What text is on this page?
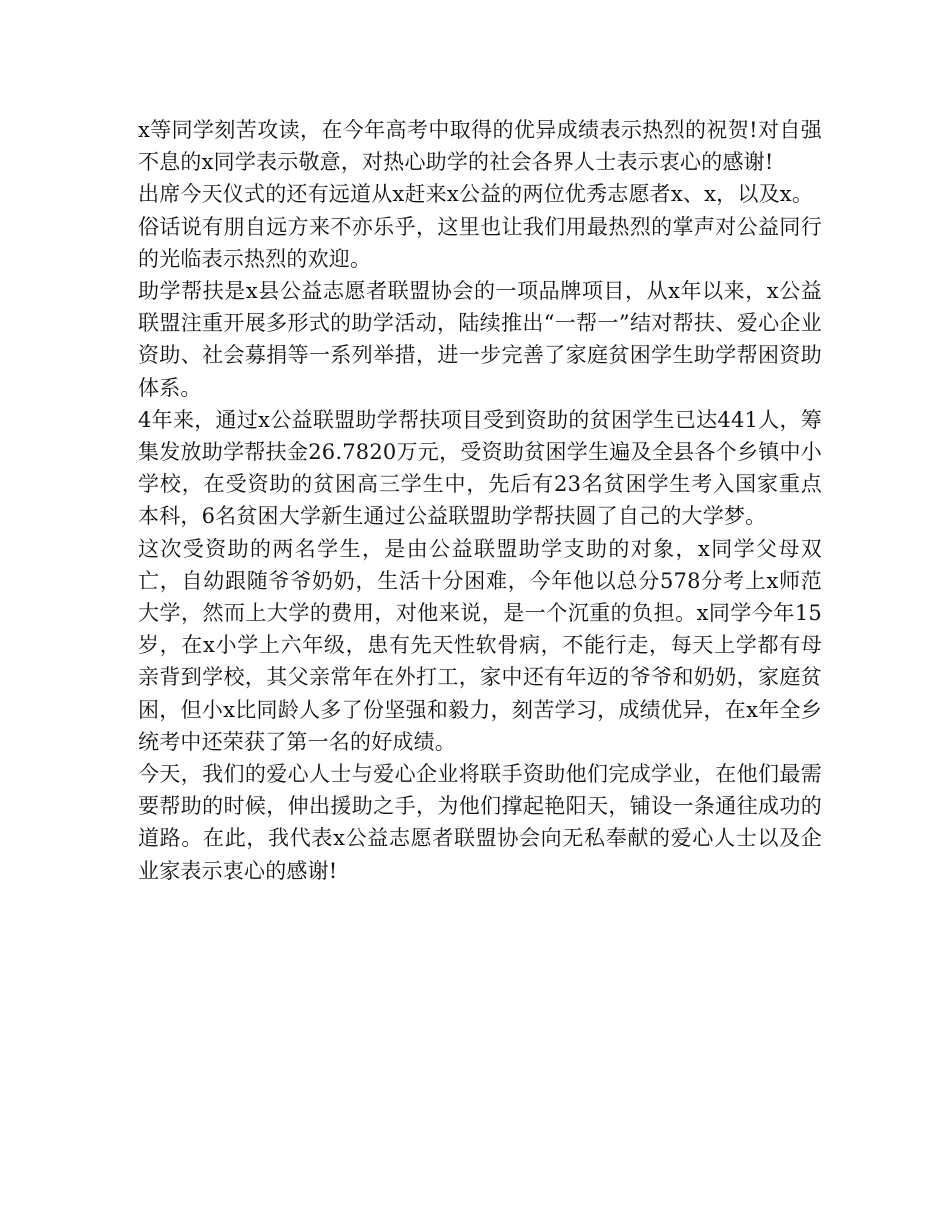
x等同学刻苦攻读，在今年高考中取得的优异成绩表示热烈的祝贺!对自强不息的x同学表示敬意，对热心助学的社会各界人士表示衷心的感谢!

出席今天仪式的还有远道从x赶来x公益的两位优秀志愿者x、x，以及x。

俗话说有朋自远方来不亦乐乎，这里也让我们用最热烈的掌声对公益同行的光临表示热烈的欢迎。

助学帮扶是x县公益志愿者联盟协会的一项品牌项目，从x年以来，x公益联盟注重开展多形式的助学活动，陆续推出“一帮一”结对帮扶、爱心企业资助、社会募捐等一系列举措，进一步完善了家庭贫困学生助学帮困资助体系。

4年来，通过x公益联盟助学帮扶项目受到资助的贫困学生已达441人，筹集发放助学帮扶金26.7820万元，受资助贫困学生遍及全县各个乡镇中小学校，在受资助的贫困高三学生中，先后有23名贫困学生考入国家重点本科，6名贫困大学新生通过公益联盟助学帮扶圆了自己的大学梦。

这次受资助的两名学生，是由公益联盟助学支助的对象，x同学父母双亡，自幼跟随爷爷奶奶，生活十分困难，今年他以总分578分考上x师范大学，然而上大学的费用，对他来说，是一个沉重的负担。x同学今年15岁，在x小学上六年级，患有先天性软骨病，不能行走，每天上学都有母亲背到学校，其父亲常年在外打工，家中还有年迈的爷爷和奶奶，家庭贫困，但小x比同龄人多了份坚强和毅力，刻苦学习，成绩优异，在x年全乡统考中还荣获了第一名的好成绩。

今天，我们的爱心人士与爱心企业将联手资助他们完成学业，在他们最需要帮助的时候，伸出援助之手，为他们撑起艳阳天，铺设一条通往成功的道路。在此，我代表x公益志愿者联盟协会向无私奉献的爱心人士以及企业家表示衷心的感谢!
